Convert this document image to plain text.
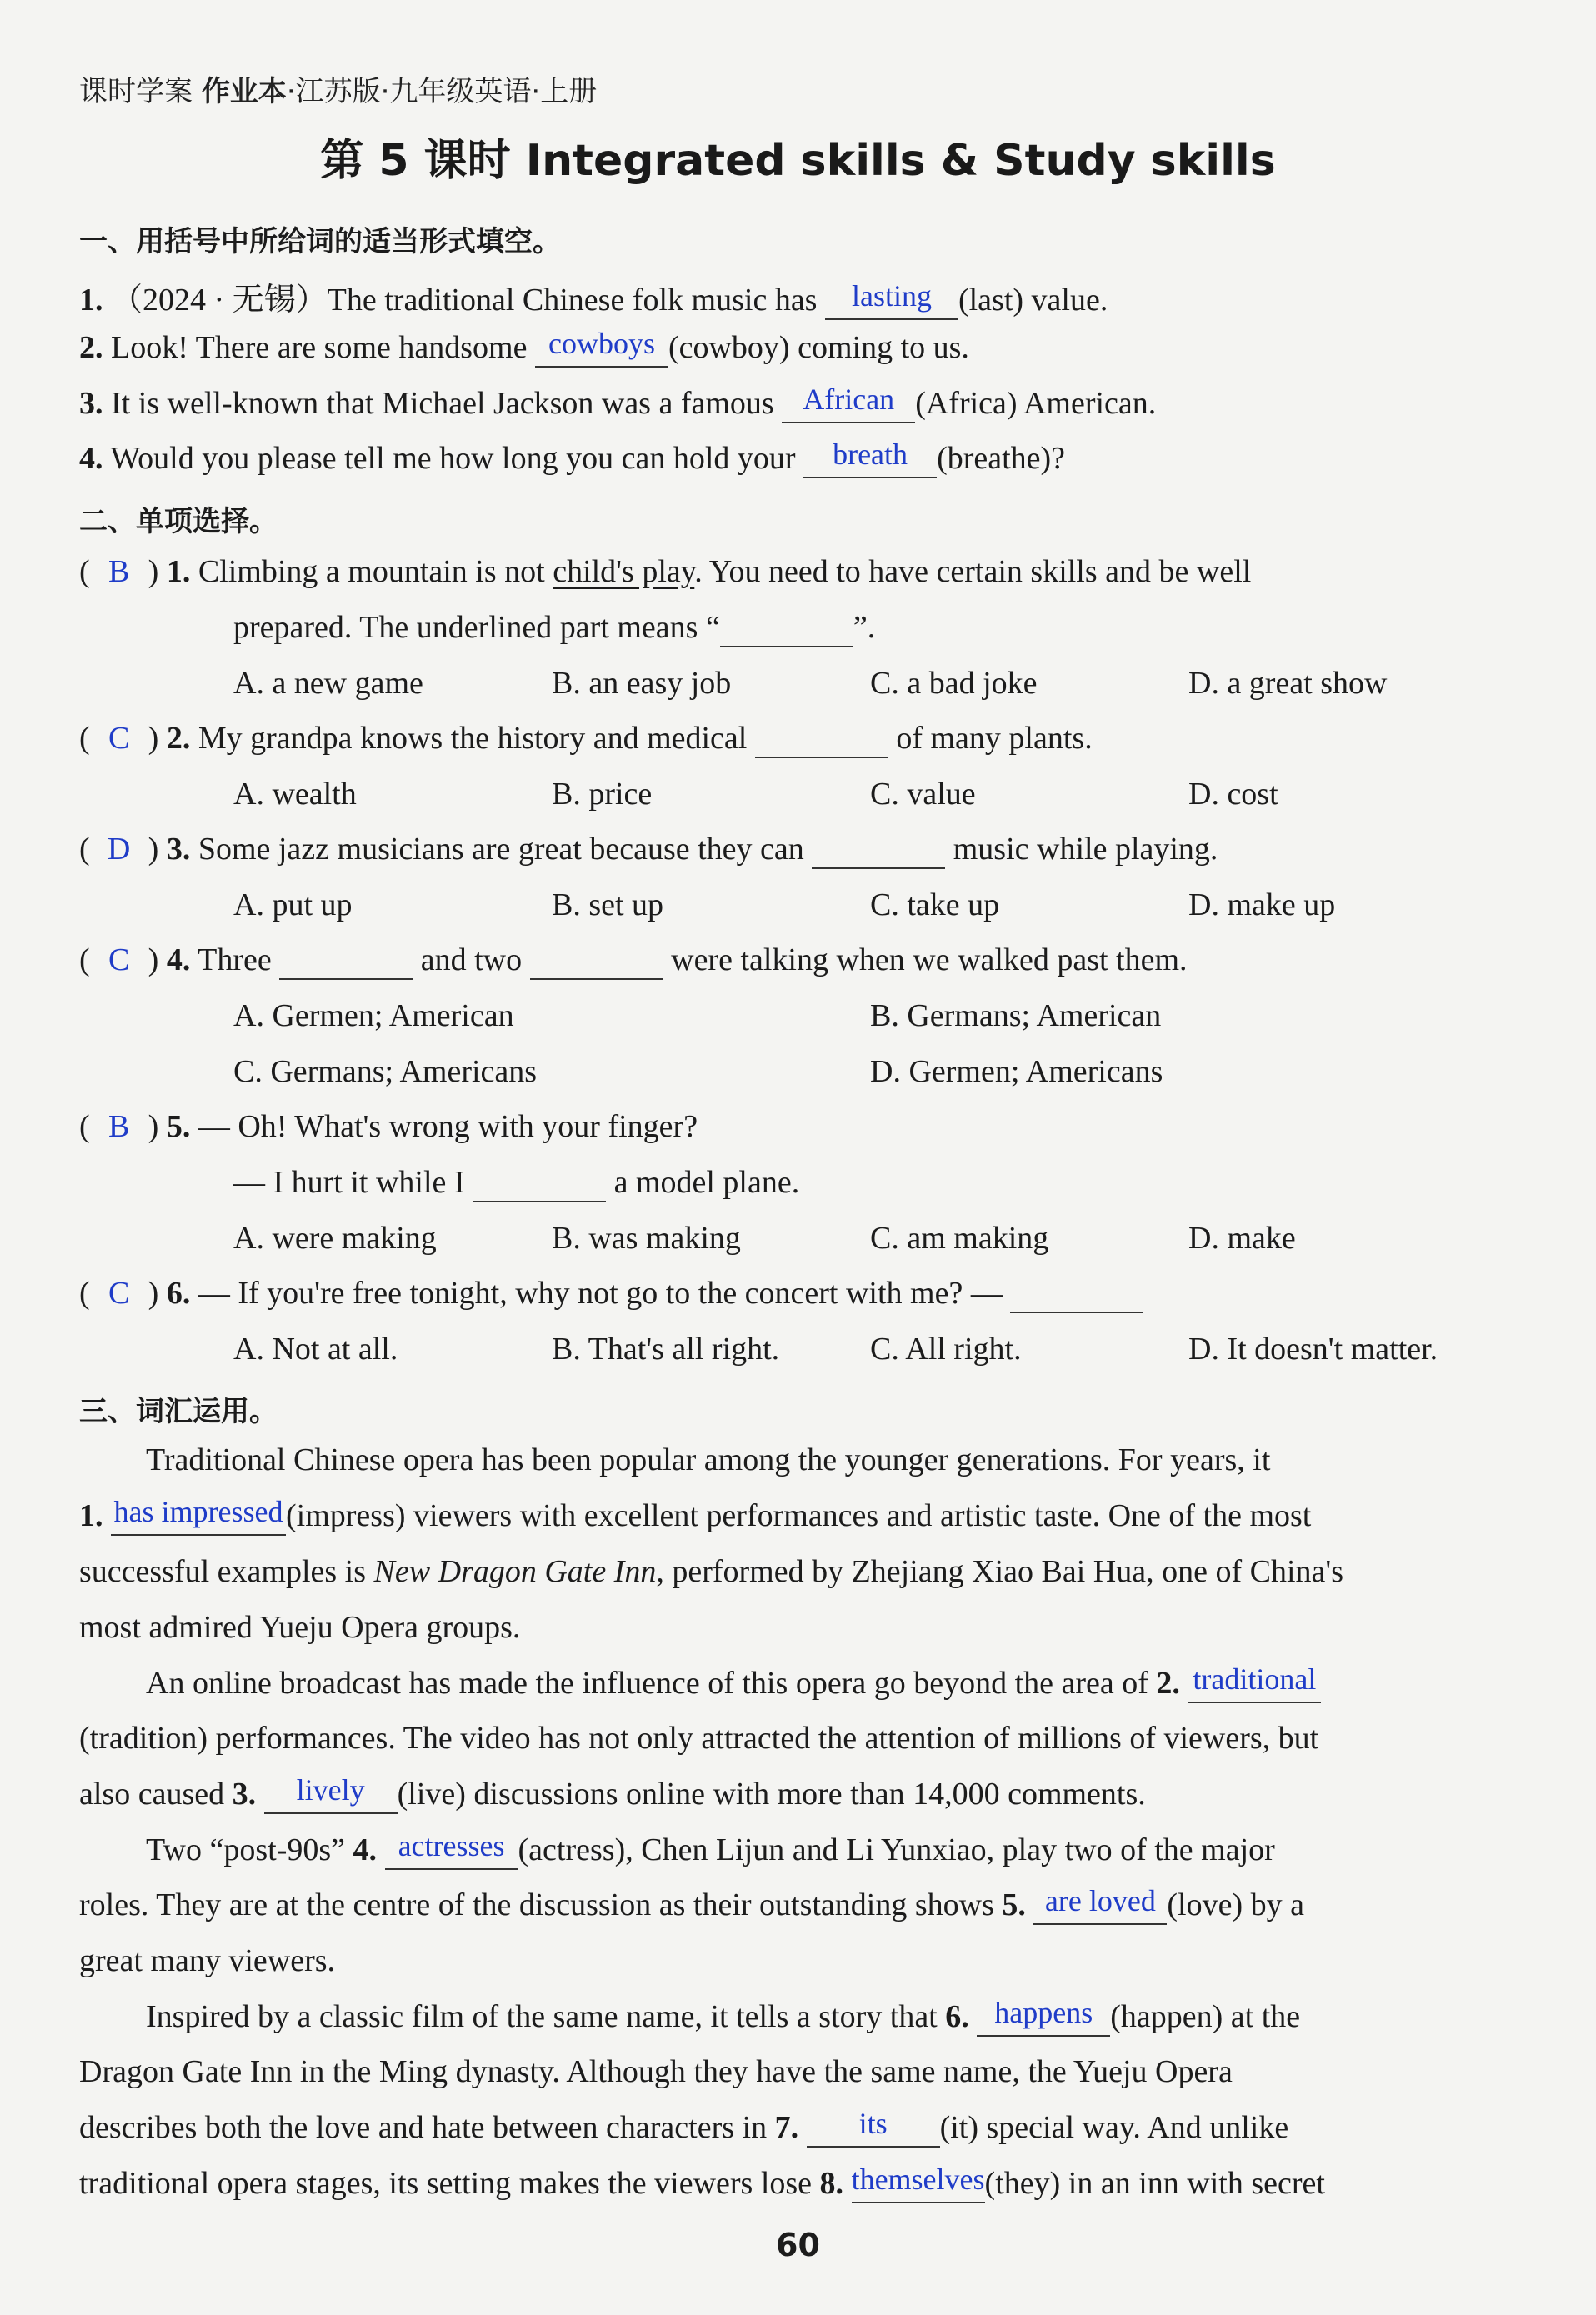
课时学案 作业本·江苏版·九年级英语·上册
第 5 课时 Integrated skills & Study skills
一、用括号中所给词的适当形式填空。
1. （2024 · 无锡）The traditional Chinese folk music has	lasting (last) value.
2. Look! There are some handsome cowboys (cowboy) coming to us.
3. It is well-known that Michael Jackson was a famous African (Africa) American.
4. Would you please tell me how long you can hold your	breath (breathe)?
二、单项选择。
( B ) 1. Climbing a mountain is not child's play. You need to have certain skills and be well
prepared. The underlined part means “	”.
A. a new game	B. an easy job	C. a bad joke	D. a great show
( C ) 2. My grandpa knows the history and medical	of many plants.
A. wealth	B. price	C. value	D. cost
( D ) 3. Some jazz musicians are great because they can	music while playing.
A. put up	B. set up	C. take up	D. make up
( C ) 4. Three	and two	were talking when we walked past them.
A. Germen; American	B. Germans; American
C. Germans; Americans	D. Germen; Americans
( B ) 5. — Oh! What's wrong with your finger?
— I hurt it while I	a model plane.
A. were making	B. was making	C. am making	D. make
( C ) 6. — If you're free tonight, why not go to the concert with me? —
A. Not at all.	B. That's all right.	C. All right.	D. It doesn't matter.
三、词汇运用。
Traditional Chinese opera has been popular among the younger generations. For years, it
1. has impressed (impress) viewers with excellent performances and artistic taste. One of the most
successful examples is New Dragon Gate Inn, performed by Zhejiang Xiao Bai Hua, one of China's
most admired Yueju Opera groups.
An online broadcast has made the influence of this opera go beyond the area of 2. traditional
(tradition) performances. The video has not only attracted the attention of millions of viewers, but
also caused 3.	lively	(live) discussions online with more than 14,000 comments.
Two “post-90s” 4. actresses (actress), Chen Lijun and Li Yunxiao, play two of the major
roles. They are at the centre of the discussion as their outstanding shows 5. are loved (love) by a
great many viewers.
Inspired by a classic film of the same name, it tells a story that 6. happens (happen) at the
Dragon Gate Inn in the Ming dynasty. Although they have the same name, the Yueju Opera
describes both the love and hate between characters in 7.	its	(it) special way. And unlike
traditional opera stages, its setting makes the viewers lose 8. themselves (they) in an inn with secret
60
